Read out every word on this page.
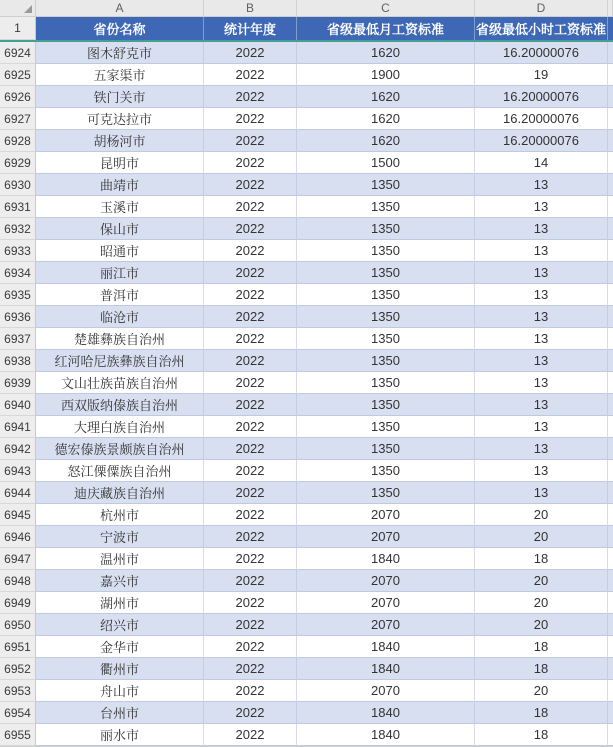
A	B	C	D
1	省份名称	统计年度	省级最低月工资标准	省级最低小时工资标准
6924	图木舒克市	2022	1620	16.20000076
6925	五家渠市	2022	1900	19
6926	铁门关市	2022	1620	16.20000076
6927	可克达拉市	2022	1620	16.20000076
6928	胡杨河市	2022	1620	16.20000076
6929	昆明市	2022	1500	14
6930	曲靖市	2022	1350	13
6931	玉溪市	2022	1350	13
6932	保山市	2022	1350	13
6933	昭通市	2022	1350	13
6934	丽江市	2022	1350	13
6935	普洱市	2022	1350	13
6936	临沧市	2022	1350	13
6937	楚雄彝族自治州	2022	1350	13
6938	红河哈尼族彝族自治州	2022	1350	13
6939	文山壮族苗族自治州	2022	1350	13
6940	西双版纳傣族自治州	2022	1350	13
6941	大理白族自治州	2022	1350	13
6942	德宏傣族景颇族自治州	2022	1350	13
6943	怒江傈僳族自治州	2022	1350	13
6944	迪庆藏族自治州	2022	1350	13
6945	杭州市	2022	2070	20
6946	宁波市	2022	2070	20
6947	温州市	2022	1840	18
6948	嘉兴市	2022	2070	20
6949	湖州市	2022	2070	20
6950	绍兴市	2022	2070	20
6951	金华市	2022	1840	18
6952	衢州市	2022	1840	18
6953	舟山市	2022	2070	20
6954	台州市	2022	1840	18
6955	丽水市	2022	1840	18
